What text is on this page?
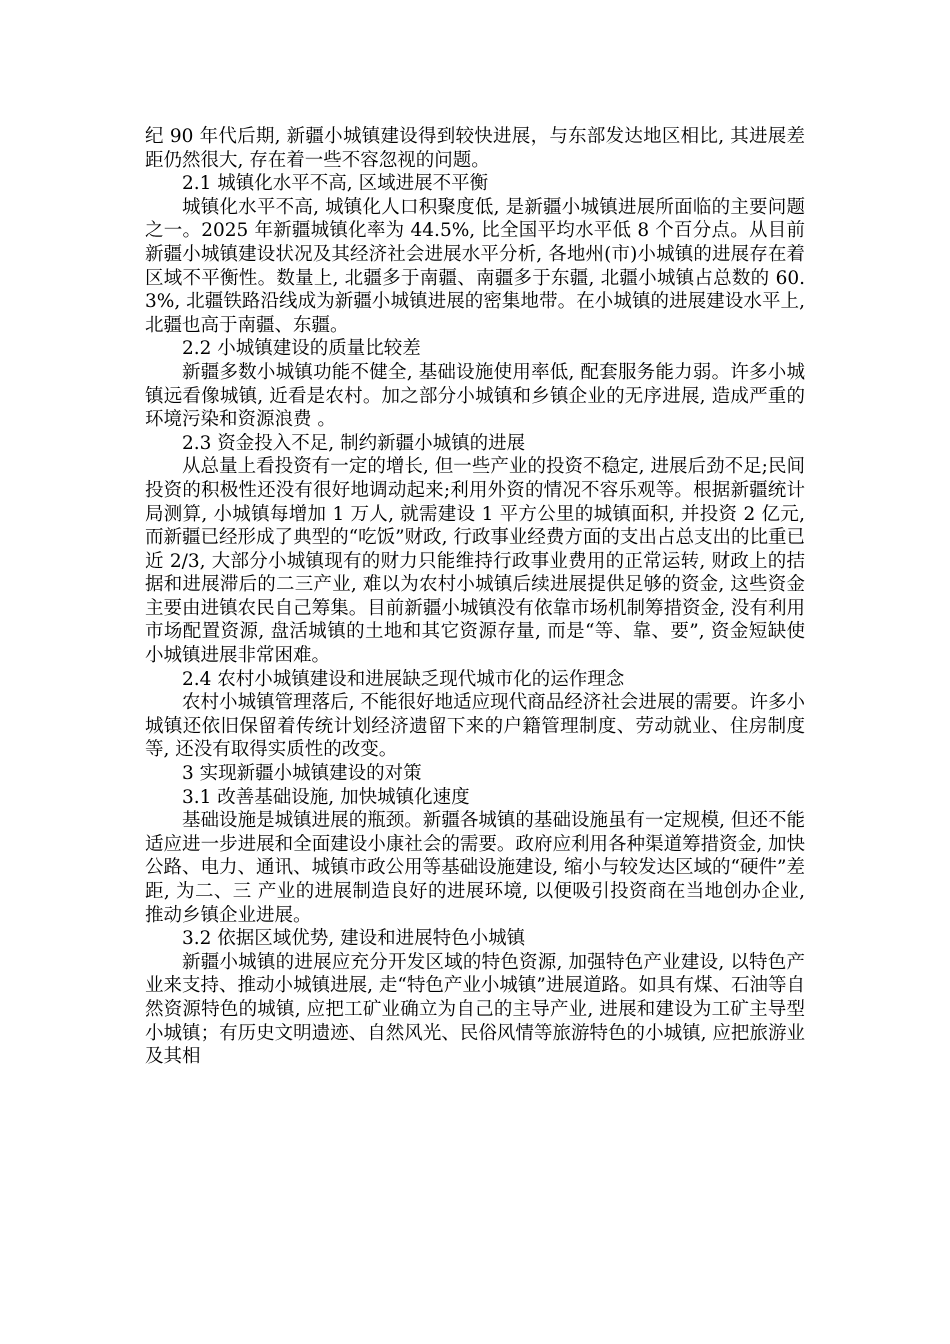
纪 90 年代后期, 新疆小城镇建设得到较快进展，与东部发达地区相比, 其进展差距仍然很大, 存在着一些不容忽视的问题。

2.1 城镇化水平不高, 区域进展不平衡

城镇化水平不高, 城镇化人口积聚度低, 是新疆小城镇进展所面临的主要问题之一。2025 年新疆城镇化率为 44.5%, 比全国平均水平低 8 个百分点。从目前新疆小城镇建设状况及其经济社会进展水平分析, 各地州(市)小城镇的进展存在着区域不平衡性。数量上, 北疆多于南疆、南疆多于东疆, 北疆小城镇占总数的 60.3%, 北疆铁路沿线成为新疆小城镇进展的密集地带。在小城镇的进展建设水平上, 北疆也高于南疆、东疆。

2.2 小城镇建设的质量比较差

新疆多数小城镇功能不健全, 基础设施使用率低, 配套服务能力弱。许多小城镇远看像城镇, 近看是农村。加之部分小城镇和乡镇企业的无序进展, 造成严重的环境污染和资源浪费 。

2.3 资金投入不足, 制约新疆小城镇的进展

从总量上看投资有一定的增长, 但一些产业的投资不稳定, 进展后劲不足;民间投资的积极性还没有很好地调动起来;利用外资的情况不容乐观等。根据新疆统计局测算, 小城镇每增加 1 万人, 就需建设 1 平方公里的城镇面积, 并投资 2 亿元, 而新疆已经形成了典型的“吃饭”财政, 行政事业经费方面的支出占总支出的比重已近 2/3, 大部分小城镇现有的财力只能维持行政事业费用的正常运转, 财政上的拮据和进展滞后的二三产业, 难以为农村小城镇后续进展提供足够的资金, 这些资金主要由进镇农民自己筹集。目前新疆小城镇没有依靠市场机制筹措资金, 没有利用市场配置资源, 盘活城镇的土地和其它资源存量, 而是“等、靠、要”, 资金短缺使小城镇进展非常困难。

2.4 农村小城镇建设和进展缺乏现代城市化的运作理念

农村小城镇管理落后, 不能很好地适应现代商品经济社会进展的需要。许多小城镇还依旧保留着传统计划经济遗留下来的户籍管理制度、劳动就业、住房制度等, 还没有取得实质性的改变。

3 实现新疆小城镇建设的对策

3.1 改善基础设施, 加快城镇化速度

基础设施是城镇进展的瓶颈。新疆各城镇的基础设施虽有一定规模, 但还不能适应进一步进展和全面建设小康社会的需要。政府应利用各种渠道筹措资金, 加快公路、电力、通讯、城镇市政公用等基础设施建设, 缩小与较发达区域的“硬件”差距, 为二、三 产业的进展制造良好的进展环境, 以便吸引投资商在当地创办企业, 推动乡镇企业进展。

3.2 依据区域优势, 建设和进展特色小城镇

新疆小城镇的进展应充分开发区域的特色资源, 加强特色产业建设, 以特色产业来支持、推动小城镇进展, 走“特色产业小城镇”进展道路。如具有煤、石油等自然资源特色的城镇, 应把工矿业确立为自己的主导产业, 进展和建设为工矿主导型小城镇；有历史文明遗迹、自然风光、民俗风情等旅游特色的小城镇, 应把旅游业及其相
